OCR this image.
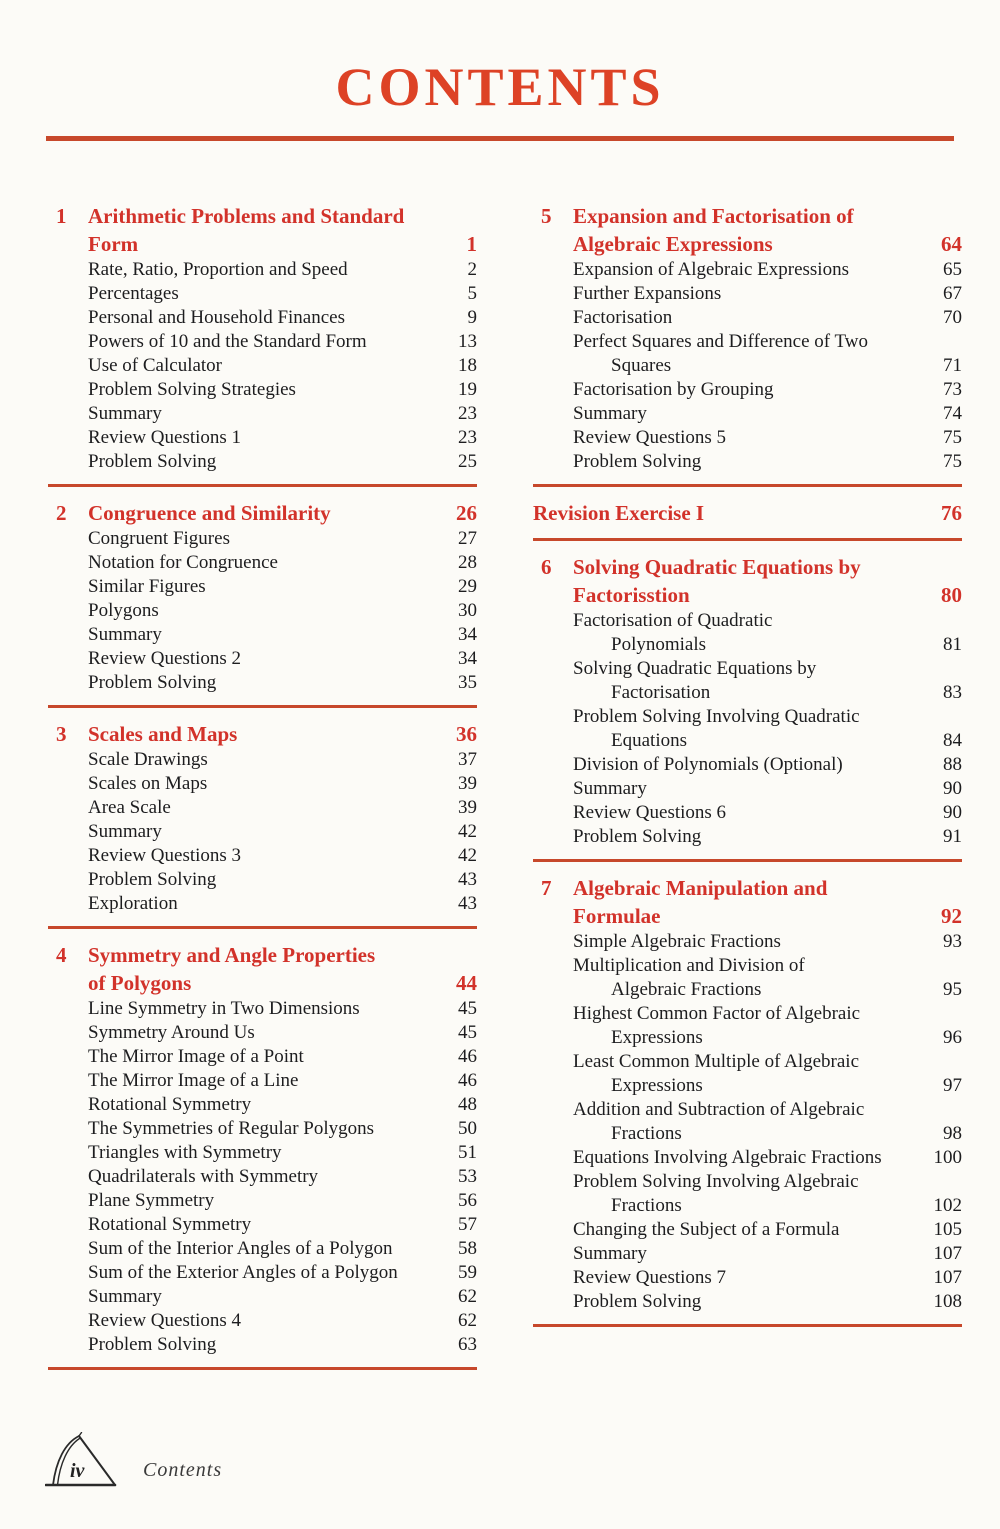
CONTENTS
1 Arithmetic Problems and Standard
Form	1
Rate, Ratio, Proportion and Speed	2
Percentages	5
Personal and Household Finances	9
Powers of 10 and the Standard Form	13
Use of Calculator	18
Problem Solving Strategies	19
Summary	23
Review Questions 1	23
Problem Solving	25
2 Congruence and Similarity	26
Congruent Figures	27
Notation for Congruence	28
Similar Figures	29
Polygons	30
Summary	34
Review Questions 2	34
Problem Solving	35
3 Scales and Maps	36
Scale Drawings	37
Scales on Maps	39
Area Scale	39
Summary	42
Review Questions 3	42
Problem Solving	43
Exploration	43
4 Symmetry and Angle Properties
of Polygons	44
Line Symmetry in Two Dimensions	45
Symmetry Around Us	45
The Mirror Image of a Point	46
The Mirror Image of a Line	46
Rotational Symmetry	48
The Symmetries of Regular Polygons	50
Triangles with Symmetry	51
Quadrilaterals with Symmetry	53
Plane Symmetry	56
Rotational Symmetry	57
Sum of the Interior Angles of a Polygon	58
Sum of the Exterior Angles of a Polygon	59
Summary	62
Review Questions 4	62
Problem Solving	63
5 Expansion and Factorisation of
Algebraic Expressions	64
Expansion of Algebraic Expressions	65
Further Expansions	67
Factorisation	70
Perfect Squares and Difference of Two
Squares	71
Factorisation by Grouping	73
Summary	74
Review Questions 5	75
Problem Solving	75
Revision Exercise I	76
6 Solving Quadratic Equations by
Factorisstion	80
Factorisation of Quadratic
Polynomials	81
Solving Quadratic Equations by
Factorisation	83
Problem Solving Involving Quadratic
Equations	84
Division of Polynomials (Optional)	88
Summary	90
Review Questions 6	90
Problem Solving	91
7 Algebraic Manipulation and
Formulae	92
Simple Algebraic Fractions	93
Multiplication and Division of
Algebraic Fractions	95
Highest Common Factor of Algebraic
Expressions	96
Least Common Multiple of Algebraic
Expressions	97
Addition and Subtraction of Algebraic
Fractions	98
Equations Involving Algebraic Fractions	100
Problem Solving Involving Algebraic
Fractions	102
Changing the Subject of a Formula	105
Summary	107
Review Questions 7	107
Problem Solving	108
iv	Contents
